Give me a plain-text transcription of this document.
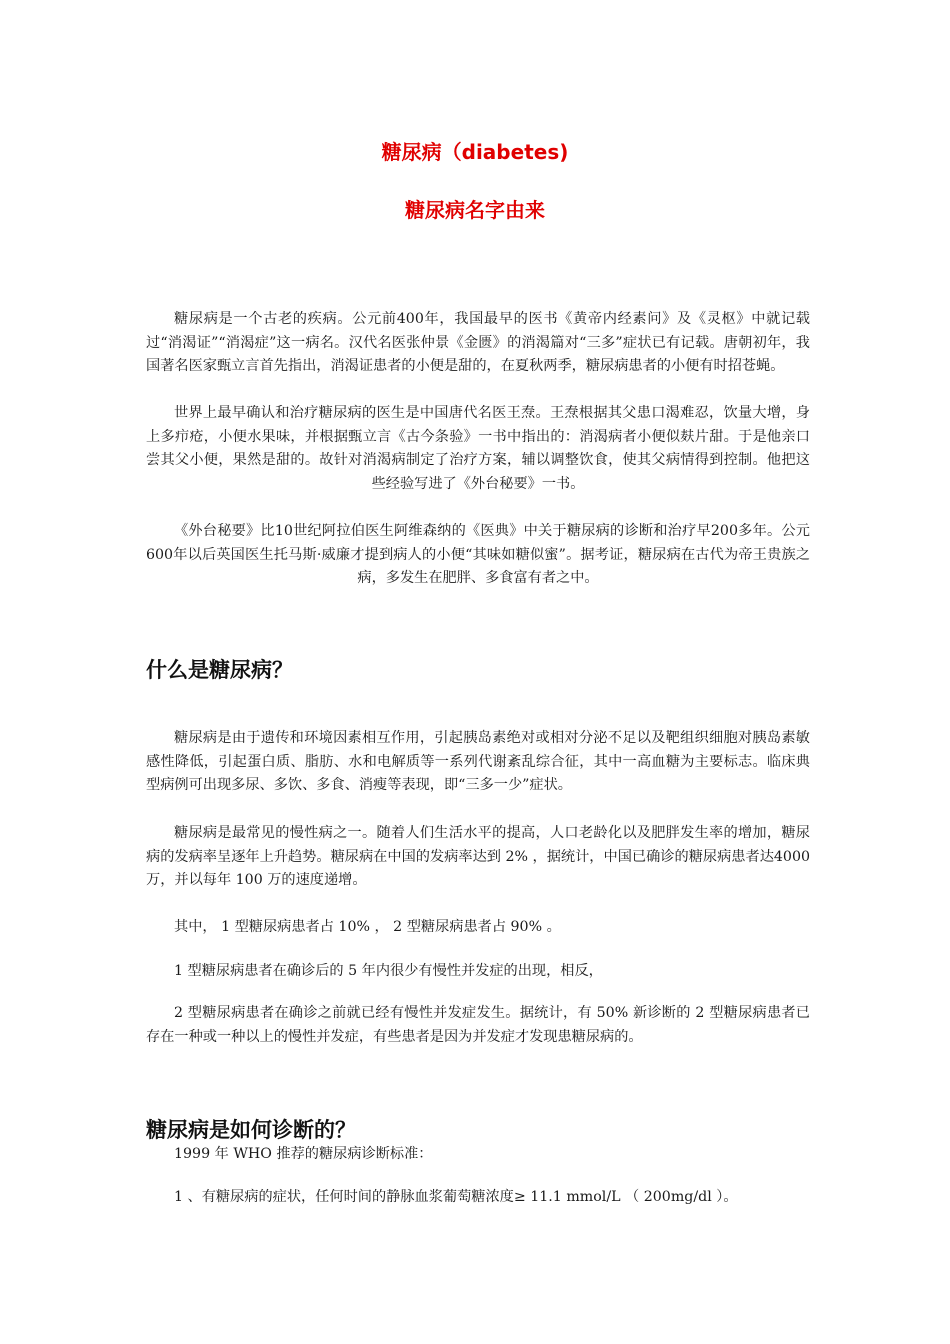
糖尿病（diabetes)
糖尿病名字由来

糖尿病是一个古老的疾病。公元前400年，我国最早的医书《黄帝内经素问》及《灵枢》中就记载过“消渴证”“消渴症”这一病名。汉代名医张仲景《金匮》的消渴篇对“三多”症状已有记载。唐朝初年，我国著名医家甄立言首先指出，消渴证患者的小便是甜的，在夏秋两季，糖尿病患者的小便有时招苍蝇。

世界上最早确认和治疗糖尿病的医生是中国唐代名医王焘。王焘根据其父患口渴难忍，饮量大增，身上多疖疮，小便水果味，并根据甄立言《古今条验》一书中指出的：消渴病者小便似麸片甜。于是他亲口尝其父小便，果然是甜的。故针对消渴病制定了治疗方案，辅以调整饮食，使其父病情得到控制。他把这些经验写进了《外台秘要》一书。

《外台秘要》比10世纪阿拉伯医生阿维森纳的《医典》中关于糖尿病的诊断和治疗早200多年。公元600年以后英国医生托马斯·威廉才提到病人的小便“其味如糖似蜜”。据考证，糖尿病在古代为帝王贵族之病，多发生在肥胖、多食富有者之中。

什么是糖尿病？

糖尿病是由于遗传和环境因素相互作用，引起胰岛素绝对或相对分泌不足以及靶组织细胞对胰岛素敏感性降低，引起蛋白质、脂肪、水和电解质等一系列代谢紊乱综合征，其中一高血糖为主要标志。临床典型病例可出现多尿、多饮、多食、消瘦等表现，即“三多一少”症状。

糖尿病是最常见的慢性病之一。随着人们生活水平的提高，人口老龄化以及肥胖发生率的增加，糖尿病的发病率呈逐年上升趋势。糖尿病在中国的发病率达到 2% ，据统计，中国已确诊的糖尿病患者达4000 万，并以每年 100 万的速度递增。

其中， 1 型糖尿病患者占 10% ， 2 型糖尿病患者占 90% 。

1 型糖尿病患者在确诊后的 5 年内很少有慢性并发症的出现，相反，

2 型糖尿病患者在确诊之前就已经有慢性并发症发生。据统计，有 50% 新诊断的 2 型糖尿病患者已存在一种或一种以上的慢性并发症，有些患者是因为并发症才发现患糖尿病的。

糖尿病是如何诊断的？

1999 年 WHO 推荐的糖尿病诊断标准：

1 、有糖尿病的症状，任何时间的静脉血浆葡萄糖浓度≥ 11.1 mmol/L （ 200mg/dl ）。
